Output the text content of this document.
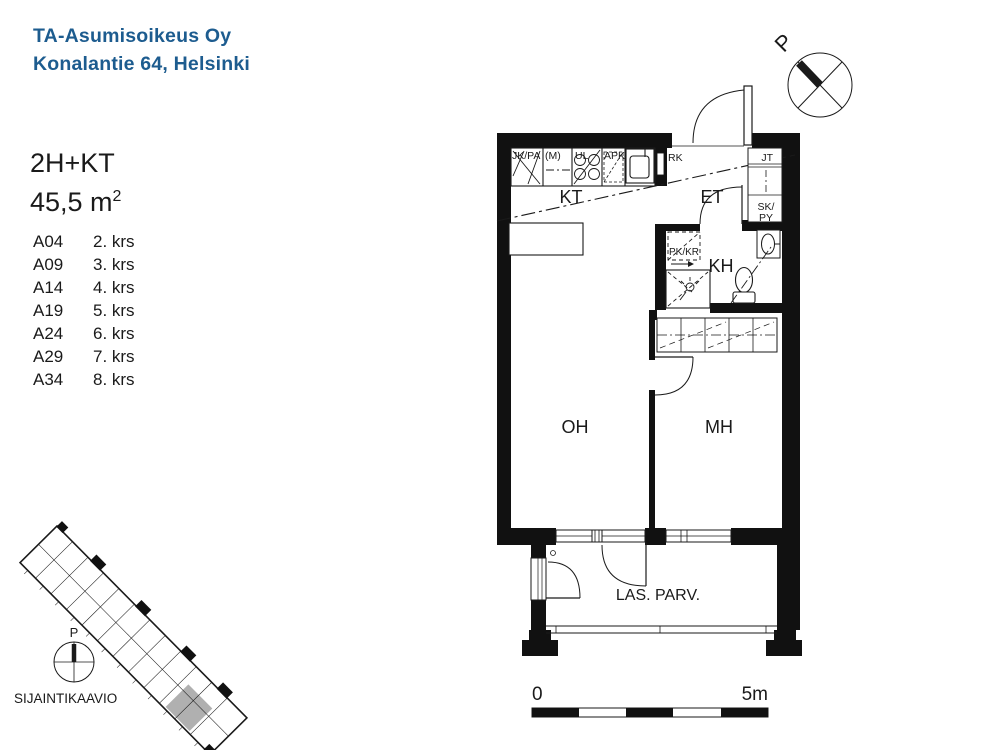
TA-Asumisoikeus Oy
Konalantie 64, Helsinki
2H+KT
45,5 $m^2$
A04	2. krs
A09	3. krs
A14	4. krs
A19	5. krs
A24	6. krs
A29	7. krs
A34	8. krs
KT	ET
KH
OH	MH
LAS. PARV.
JK/PA (M) UL APK	RK	JT
SK/
PY
PK/KR
P
0	5m
P
SIJAINTIKAAVIO
